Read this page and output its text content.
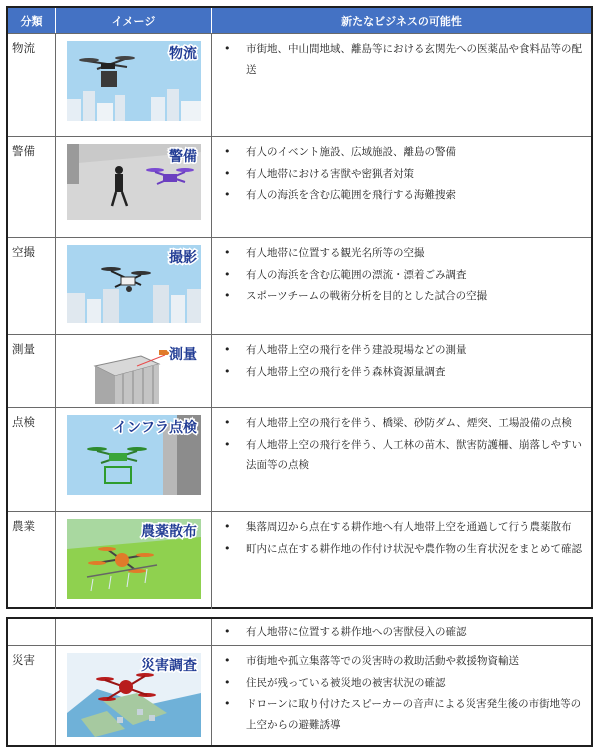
分類	イメージ	新たなビジネスの可能性
物流	物流	• 市街地、中山間地域、離島等における玄関先への医薬品や食料品等の配送
警備	警備	• 有人のイベント施設、広域施設、離島の警備
• 有人地帯における害獣や密猟者対策
• 有人の海浜を含む広範囲を飛行する海難捜索
空撮	撮影	• 有人地帯に位置する観光名所等の空撮
• 有人の海浜を含む広範囲の漂流・漂着ごみ調査
• スポーツチームの戦術分析を目的とした試合の空撮
測量	測量	• 有人地帯上空の飛行を伴う建設現場などの測量
• 有人地帯上空の飛行を伴う森林資源量調査
点検	インフラ点検	• 有人地帯上空の飛行を伴う、橋梁、砂防ダム、煙突、工場設備の点検
• 有人地帯上空の飛行を伴う、人工林の苗木、獣害防護柵、崩落しやすい法面等の点検
農業	農薬散布	• 集落周辺から点在する耕作地へ有人地帯上空を通過して行う農薬散布
• 町内に点在する耕作地の作付け状況や農作物の生育状況をまとめて確認
• 有人地帯に位置する耕作地への害獣侵入の確認
災害	災害調査	• 市街地や孤立集落等での災害時の救助活動や救援物資輸送
• 住民が残っている被災地の被害状況の確認
• ドローンに取り付けたスピーカーの音声による災害発生後の市街地等の上空からの避難誘導
